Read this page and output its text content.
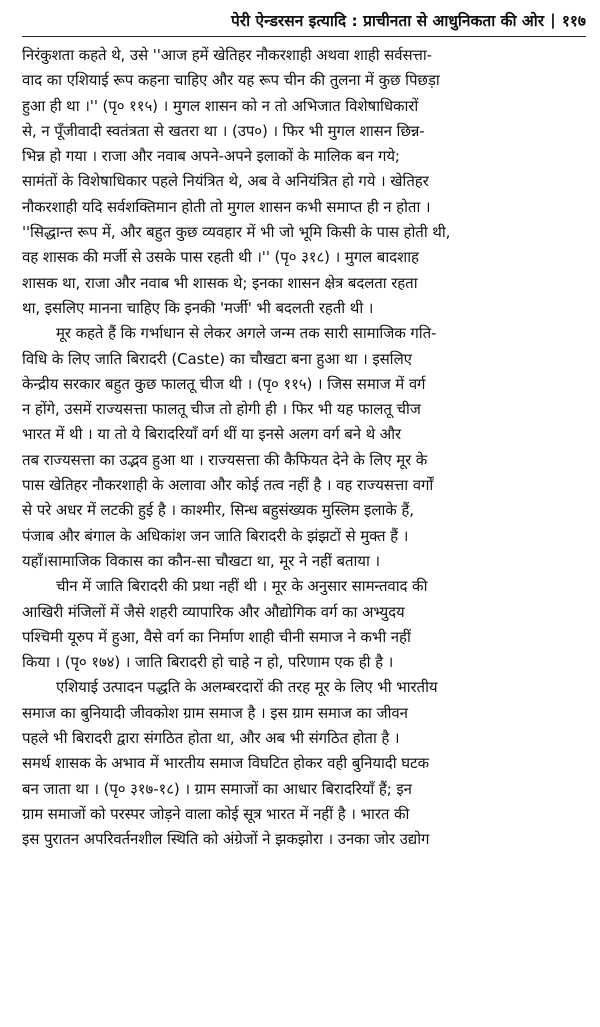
पेरी ऐन्डरसन इत्यादि : प्राचीनता से आधुनिकता की ओर | ११७

निरंकुशता कहते थे, उसे ''आज हमें खेतिहर नौकरशाही अथवा शाही सर्वसत्ता-
वाद का एशियाई रूप कहना चाहिए और यह रूप चीन की तुलना में कुछ पिछड़ा
हुआ ही था ।'' (पृ० ११५) । मुगल शासन को न तो अभिजात विशेषाधिकारों
से, न पूँजीवादी स्वतंत्रता से खतरा था । (उप०) । फिर भी मुगल शासन छिन्न-
भिन्न हो गया । राजा और नवाब अपने-अपने इलाकों के मालिक बन गये;
सामंतों के विशेषाधिकार पहले नियंत्रित थे, अब वे अनियंत्रित हो गये । खेतिहर
नौकरशाही यदि सर्वशक्तिमान होती तो मुगल शासन कभी समाप्त ही न होता ।
''सिद्धान्त रूप में, और बहुत कुछ व्यवहार में भी जो भूमि किसी के पास होती थी,
वह शासक की मर्जी से उसके पास रहती थी ।'' (पृ० ३१८) । मुगल बादशाह
शासक था, राजा और नवाब भी शासक थे; इनका शासन क्षेत्र बदलता रहता
था, इसलिए मानना चाहिए कि इनकी 'मर्जी' भी बदलती रहती थी ।

मूर कहते हैं कि गर्भाधान से लेकर अगले जन्म तक सारी सामाजिक गति-
विधि के लिए जाति बिरादरी (Caste) का चौखटा बना हुआ था । इसलिए
केन्द्रीय सरकार बहुत कुछ फालतू चीज थी । (पृ० ११५) । जिस समाज में वर्ग
न होंगे, उसमें राज्यसत्ता फालतू चीज तो होगी ही । फिर भी यह फालतू चीज
भारत में थी । या तो ये बिरादरियाँ वर्ग थीं या इनसे अलग वर्ग बने थे और
तब राज्यसत्ता का उद्भव हुआ था । राज्यसत्ता की कैफियत देने के लिए मूर के
पास खेतिहर नौकरशाही के अलावा और कोई तत्व नहीं है । वह राज्यसत्ता वर्गों
से परे अधर में लटकी हुई है । काश्मीर, सिन्ध बहुसंख्यक मुस्लिम इलाके हैं,
पंजाब और बंगाल के अधिकांश जन जाति बिरादरी के झंझटों से मुक्त हैं ।
यहाँ।सामाजिक विकास का कौन-सा चौखटा था, मूर ने नहीं बताया ।

चीन में जाति बिरादरी की प्रथा नहीं थी । मूर के अनुसार सामन्तवाद की
आखिरी मंजिलों में जैसे शहरी व्यापारिक और औद्योगिक वर्ग का अभ्युदय
पश्चिमी यूरुप में हुआ, वैसे वर्ग का निर्माण शाही चीनी समाज ने कभी नहीं
किया । (पृ० १७४) । जाति बिरादरी हो चाहे न हो, परिणाम एक ही है ।

एशियाई उत्पादन पद्धति के अलम्बरदारों की तरह मूर के लिए भी भारतीय
समाज का बुनियादी जीवकोश ग्राम समाज है । इस ग्राम समाज का जीवन
पहले भी बिरादरी द्वारा संगठित होता था, और अब भी संगठित होता है ।
समर्थ शासक के अभाव में भारतीय समाज विघटित होकर वही बुनियादी घटक
बन जाता था । (पृ० ३१७-१८) । ग्राम समाजों का आधार बिरादरियाँ हैं; इन
ग्राम समाजों को परस्पर जोड़ने वाला कोई सूत्र भारत में नहीं है । भारत की
इस पुरातन अपरिवर्तनशील स्थिति को अंग्रेजों ने झकझोरा । उनका जोर उद्योग
